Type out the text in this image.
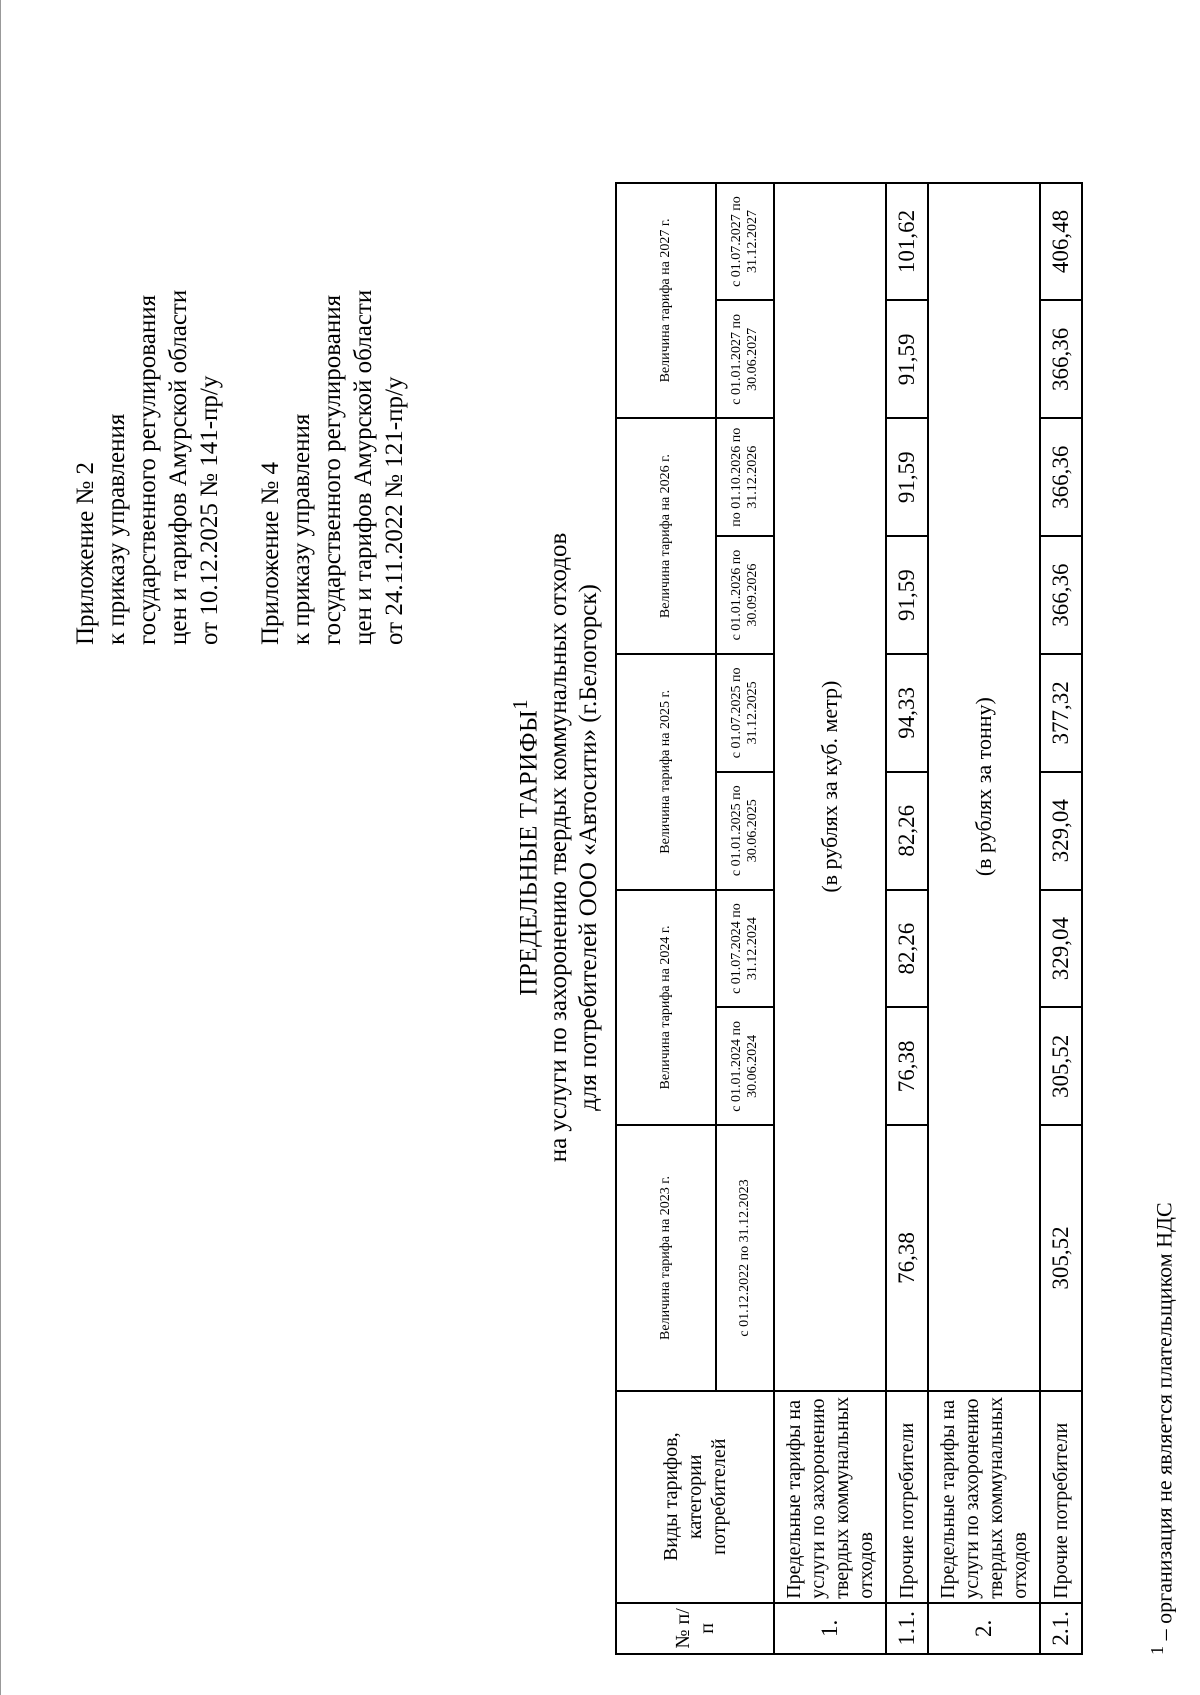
Приложение № 2 к приказу управления государственного регулирования цен и тарифов Амурской области от 10.12.2025 № 141-пр/у Приложение № 4 к приказу управления государственного регулирования цен и тарифов Амурской области от 24.11.2022 № 121-пр/у
ПРЕДЕЛЬНЫЕ ТАРИФЫ$^1$ на услуги по захоронению твердых коммунальных отходов для потребителей ООО «Автосити» (г.Белогорск)
№ п/п	Виды тарифов, категории потребителей	Величина тарифа на 2023 г.	Величина тарифа на 2024 г.		Величина тарифа на 2025 г.		Величина тарифа на 2026 г.		Величина тарифа на 2027 г.		
		с 01.12.2022 по 31.12.2023	с 01.01.2024 по 30.06.2024	с 01.07.2024 по 31.12.2024	с 01.01.2025 по 30.06.2025	с 01.07.2025 по 31.12.2025	с 01.01.2026 по 30.09.2026	по 01.10.2026 по 31.12.2026	с 01.01.2027 по 30.06.2027	с 01.07.2027 по 31.12.2027	
1.	Предельные тарифы на услуги по захоронению твердых коммунальных отходов	(в рублях за куб. метр)									
1.1.	Прочие потребители	76,38	76,38	82,26	82,26	94,33	91,59	91,59	91,59	101,62	
2.	Предельные тарифы на услуги по захоронению твердых коммунальных отходов	(в рублях за тонну)									
2.1.	Прочие потребители	305,52	305,52	329,04	329,04	377,32	366,36	366,36	366,36	406,48	
$^1$ – организация не является плательщиком НДС
